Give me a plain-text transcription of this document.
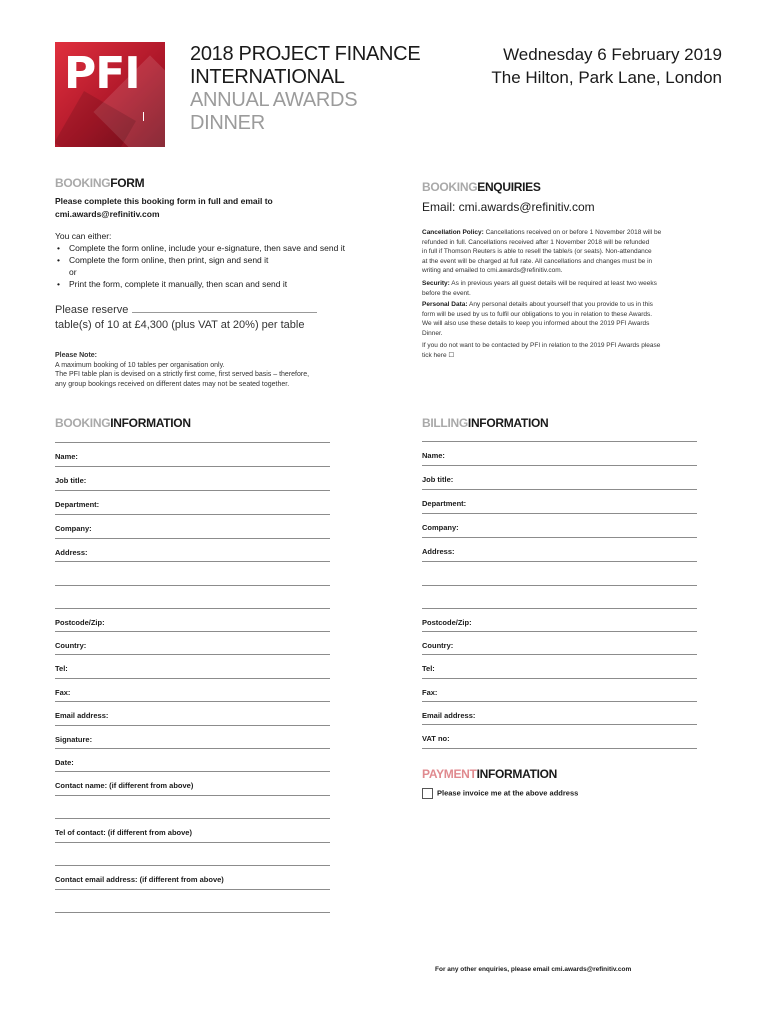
PFI	2018 PROJECT FINANCE
INTERNATIONAL
ANNUAL AWARDS
DINNER
Wednesday 6 February 2019
The Hilton, Park Lane, London
BOOKINGFORM
Please complete this booking form in full and email to
cmi.awards@refinitiv.com
You can either:
• Complete the form online, include your e-signature, then save and send it
• Complete the form online, then print, sign and send it
or
• Print the form, complete it manually, then scan and send it
Please reserve
table(s) of 10 at £4,300 (plus VAT at 20%) per table
Please Note:
A maximum booking of 10 tables per organisation only.
The PFI table plan is devised on a strictly first come, first served basis – therefore,
any group bookings received on different dates may not be seated together.
BOOKINGENQUIRIES
Email: cmi.awards@refinitiv.com
Cancellation Policy: Cancellations received on or before 1 November 2018 will be
refunded in full. Cancellations received after 1 November 2018 will be refunded
in full if Thomson Reuters is able to resell the table/s (or seats). Non-attendance
at the event will be charged at full rate. All cancellations and changes must be in
writing and emailed to cmi.awards@refinitiv.com.
Security: As in previous years all guest details will be required at least two weeks
before the event.
Personal Data: Any personal details about yourself that you provide to us in this
form will be used by us to fulfil our obligations to you in relation to these Awards.
We will also use these details to keep you informed about the 2019 PFI Awards
Dinner.
If you do not want to be contacted by PFI in relation to the 2019 PFI Awards please
tick here ☐
BOOKINGINFORMATION
Name:
Job title:
Department:
Company:
Address:
Postcode/Zip:
Country:
Tel:
Fax:
Email address:
Signature:
Date:
Contact name: (if different from above)
Tel of contact: (if different from above)
Contact email address: (if different from above)
BILLINGINFORMATION
Name:
Job title:
Department:
Company:
Address:
Postcode/Zip:
Country:
Tel:
Fax:
Email address:
VAT no:
PAYMENTINFORMATION
Please invoice me at the above address
For any other enquiries, please email cmi.awards@refinitiv.com
